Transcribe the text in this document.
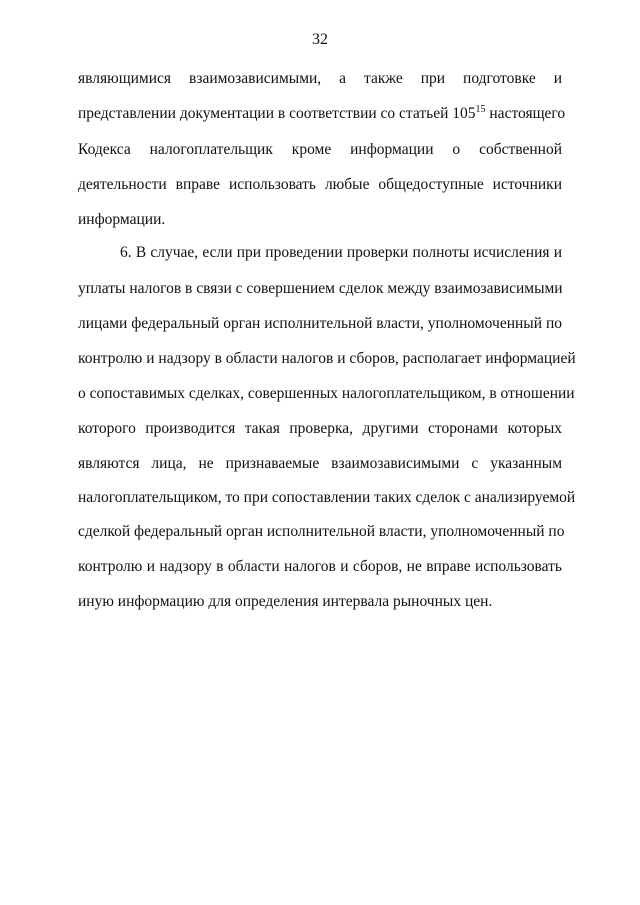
32
являющимися взаимозависимыми, а также при подготовке и
представлении документации в соответствии со статьей $105^{15}$ настоящего
Кодекса налогоплательщик кроме информации о собственной
деятельности вправе использовать любые общедоступные источники
информации.
6. В случае, если при проведении проверки полноты исчисления и
уплаты налогов в связи с совершением сделок между взаимозависимыми
лицами федеральный орган исполнительной власти, уполномоченный по
контролю и надзору в области налогов и сборов, располагает информацией
о сопоставимых сделках, совершенных налогоплательщиком, в отношении
которого производится такая проверка, другими сторонами которых
являются лица, не признаваемые взаимозависимыми с указанным
налогоплательщиком, то при сопоставлении таких сделок с анализируемой
сделкой федеральный орган исполнительной власти, уполномоченный по
контролю и надзору в области налогов и сборов, не вправе использовать
иную информацию для определения интервала рыночных цен.
